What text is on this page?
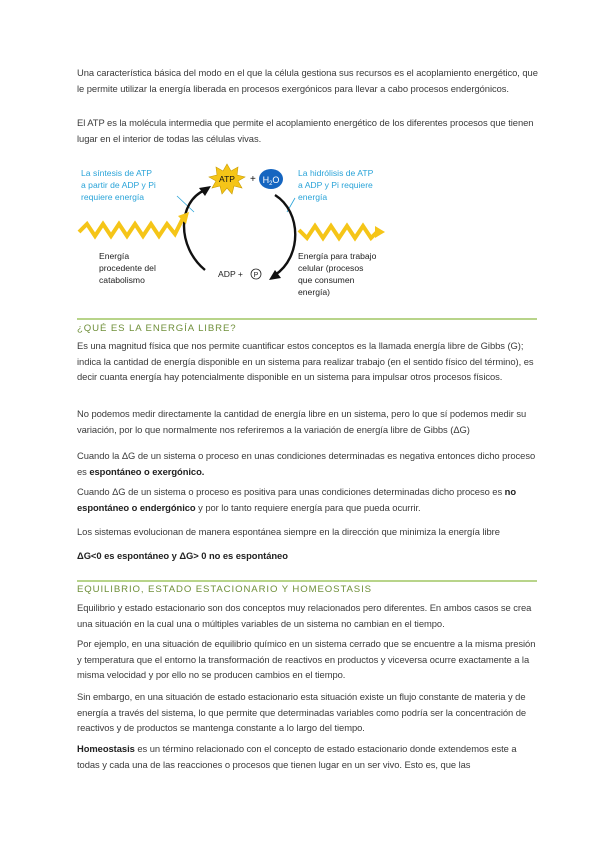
Una característica básica del modo en el que la célula gestiona sus recursos es el acoplamiento energético, que le permite utilizar la energía liberada en procesos exergónicos para llevar a cabo procesos endergónicos.

El ATP es la molécula intermedia que permite el acoplamiento energético de los diferentes procesos que tienen lugar en el interior de todas las células vivas.

La síntesis de ATP
a partir de ADP y Pi
requiere energía
La hidrólisis de ATP
a ADP y Pi requiere
energía
ATP + $H_2O$
Energía
procedente del
catabolismo
Energía para trabajo
celular (procesos
que consumen
energía)
ADP + P
¿QUÉ ES LA ENERGÍA LIBRE?

Es una magnitud física que nos permite cuantificar estos conceptos es la llamada energía libre de Gibbs (G); indica la cantidad de energía disponible en un sistema para realizar trabajo (en el sentido físico del término), es decir cuanta energía hay potencialmente disponible en un sistema para impulsar otros procesos físicos.

No podemos medir directamente la cantidad de energía libre en un sistema, pero lo que sí podemos medir su variación, por lo que normalmente nos referiremos a la variación de energía libre de Gibbs (ΔG)

Cuando la ΔG de un sistema o proceso en unas condiciones determinadas es negativa entonces dicho proceso es espontáneo o exergónico.

Cuando ΔG de un sistema o proceso es positiva para unas condiciones determinadas dicho proceso es no espontáneo o endergónico y por lo tanto requiere energía para que pueda ocurrir.

Los sistemas evolucionan de manera espontánea siempre en la dirección que minimiza la energía libre

ΔG<0 es espontáneo y ΔG> 0 no es espontáneo

EQUILIBRIO, ESTADO ESTACIONARIO Y HOMEOSTASIS

Equilibrio y estado estacionario son dos conceptos muy relacionados pero diferentes. En ambos casos se crea una situación en la cual una o múltiples variables de un sistema no cambian en el tiempo.

Por ejemplo, en una situación de equilibrio químico en un sistema cerrado que se encuentre a la misma presión y temperatura que el entorno la transformación de reactivos en productos y viceversa ocurre exactamente a la misma velocidad y por ello no se producen cambios en el tiempo.

Sin embargo, en una situación de estado estacionario esta situación existe un flujo constante de materia y de energía a través del sistema, lo que permite que determinadas variables como podría ser la concentración de reactivos y de productos se mantenga constante a lo largo del tiempo.

Homeostasis es un término relacionado con el concepto de estado estacionario donde extendemos este a todas y cada una de las reacciones o procesos que tienen lugar en un ser vivo. Esto es, que las
